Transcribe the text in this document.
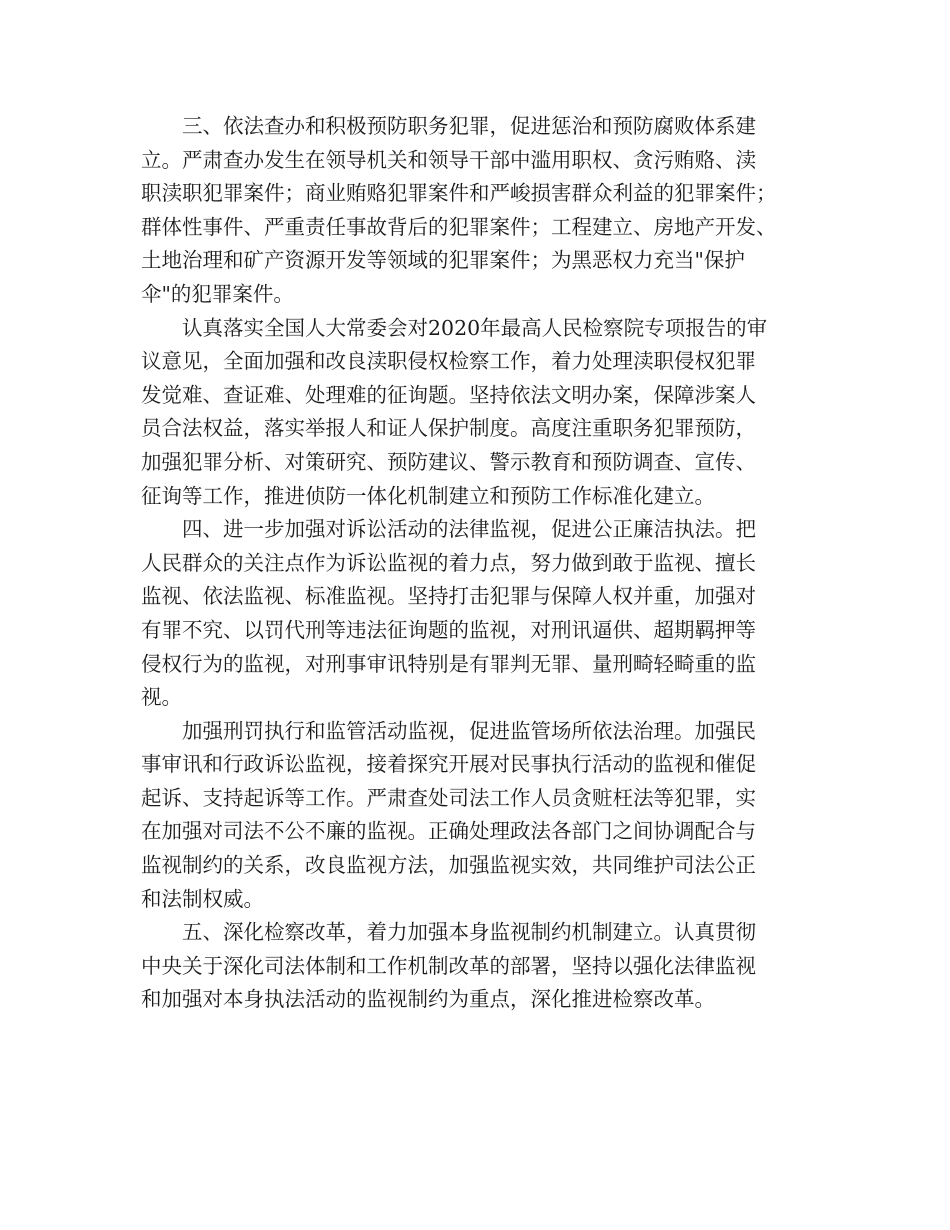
三、依法查办和积极预防职务犯罪，促进惩治和预防腐败体系建
立。严肃查办发生在领导机关和领导干部中滥用职权、贪污贿赂、渎
职渎职犯罪案件；商业贿赂犯罪案件和严峻损害群众利益的犯罪案件；
群体性事件、严重责任事故背后的犯罪案件；工程建立、房地产开发、
土地治理和矿产资源开发等领域的犯罪案件；为黑恶权力充当"保护
伞"的犯罪案件。
认真落实全国人大常委会对2020年最高人民检察院专项报告的审
议意见，全面加强和改良渎职侵权检察工作，着力处理渎职侵权犯罪
发觉难、查证难、处理难的征询题。坚持依法文明办案，保障涉案人
员合法权益，落实举报人和证人保护制度。高度注重职务犯罪预防，
加强犯罪分析、对策研究、预防建议、警示教育和预防调查、宣传、
征询等工作，推进侦防一体化机制建立和预防工作标准化建立。
四、进一步加强对诉讼活动的法律监视，促进公正廉洁执法。把
人民群众的关注点作为诉讼监视的着力点，努力做到敢于监视、擅长
监视、依法监视、标准监视。坚持打击犯罪与保障人权并重，加强对
有罪不究、以罚代刑等违法征询题的监视，对刑讯逼供、超期羁押等
侵权行为的监视，对刑事审讯特别是有罪判无罪、量刑畸轻畸重的监
视。
加强刑罚执行和监管活动监视，促进监管场所依法治理。加强民
事审讯和行政诉讼监视，接着探究开展对民事执行活动的监视和催促
起诉、支持起诉等工作。严肃查处司法工作人员贪赃枉法等犯罪，实
在加强对司法不公不廉的监视。正确处理政法各部门之间协调配合与
监视制约的关系，改良监视方法，加强监视实效，共同维护司法公正
和法制权威。
五、深化检察改革，着力加强本身监视制约机制建立。认真贯彻
中央关于深化司法体制和工作机制改革的部署，坚持以强化法律监视
和加强对本身执法活动的监视制约为重点，深化推进检察改革。
